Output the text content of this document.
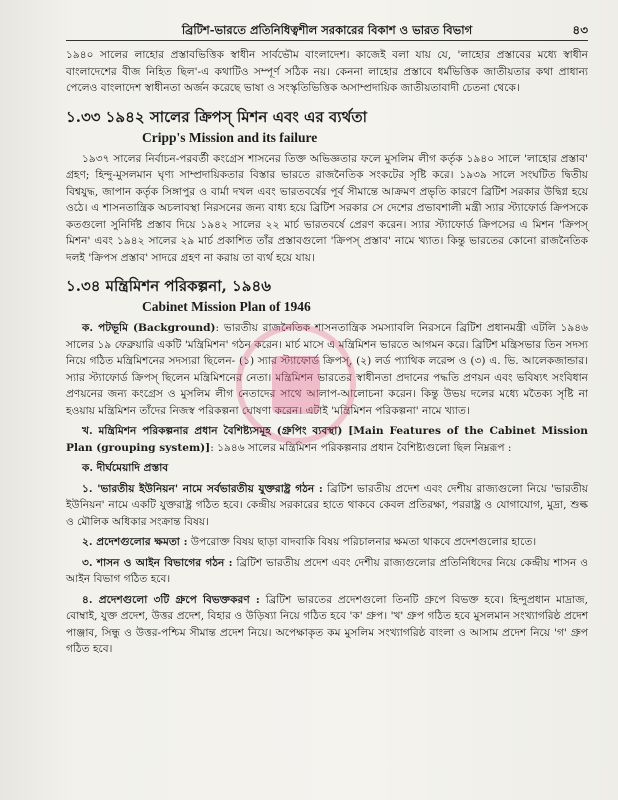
ব্রিটিশ-ভারতে প্রতিনিধিত্বশীল সরকারের বিকাশ ও ভারত বিভাগ	৪৩

১৯৪০ সালের লাহোর প্রস্তাবভিত্তিক স্বাধীন সার্বভৌম বাংলাদেশ। কাজেই বলা যায় যে, 'লাহোর প্রস্তাবের মধ্যে স্বাধীন বাংলাদেশের বীজ নিহিত ছিল'-এ কথাটিও সম্পূর্ণ সঠিক নয়। কেননা লাহোর প্রস্তাবে ধর্মভিত্তিক জাতীয়তার কথা প্রাধান্য পেলেও বাংলাদেশ স্বাধীনতা অর্জন করেছে ভাষা ও সংস্কৃতিভিত্তিক অসাম্প্রদায়িক জাতীয়তাবাদী চেতনা থেকে।

১.৩৩ ১৯৪২ সালের ক্রিপস্ মিশন এবং এর ব্যর্থতা
Cripp's Mission and its failure

১৯৩৭ সালের নির্বাচন-পরবর্তী কংগ্রেস শাসনের তিক্ত অভিজ্ঞতার ফলে মুসলিম লীগ কর্তৃক ১৯৪০ সালে 'লাহোর প্রস্তাব' গ্রহণ; হিন্দু-মুসলমান ঘৃণ্য সাম্প্রদায়িকতার বিস্তার ভারতে রাজনৈতিক সংকটের সৃষ্টি করে। ১৯৩৯ সালে সংঘটিত দ্বিতীয় বিশ্বযুদ্ধ, জাপান কর্তৃক সিঙ্গাপুর ও বার্মা দখল এবং ভারতবর্ষের পূর্ব সীমান্তে আক্রমণ প্রভৃতি কারণে ব্রিটিশ সরকার উদ্বিগ্ন হয়ে ওঠে। এ শাসনতান্ত্রিক অচলাবস্থা নিরসনের জন্য বাধ্য হয়ে ব্রিটিশ সরকার সে দেশের প্রভাবশালী মন্ত্রী স্যার স্ট্যাফোর্ড ক্রিপসকে কতগুলো সুনির্দিষ্ট প্রস্তাব দিয়ে ১৯৪২ সালের ২২ মার্চ ভারতবর্ষে প্রেরণ করেন। স্যার স্ট্যাফোর্ড ক্রিপসের এ মিশন 'ক্রিপস্ মিশন' এবং ১৯৪২ সালের ২৯ মার্চ প্রকাশিত তাঁর প্রস্তাবগুলো 'ক্রিপস্ প্রস্তাব' নামে খ্যাত। কিন্তু ভারতের কোনো রাজনৈতিক দলই 'ক্রিপস প্রস্তাব' সাদরে গ্রহণ না করায় তা ব্যর্থ হয়ে যায়।

১.৩৪ মন্ত্রিমিশন পরিকল্পনা, ১৯৪৬
Cabinet Mission Plan of 1946

ক. পটভূমি (Background): ভারতীয় রাজনৈতিক শাসনতান্ত্রিক সমস্যাবলি নিরসনে ব্রিটিশ প্রধানমন্ত্রী এটলি ১৯৪৬ সালের ১৯ ফেব্রুয়ারি একটি 'মন্ত্রিমিশন' গঠন করেন। মার্চ মাসে এ মন্ত্রিমিশন ভারতে আগমন করে। ব্রিটিশ মন্ত্রিসভার তিন সদস্য নিয়ে গঠিত মন্ত্রিমিশনের সদস্যরা ছিলেন- (১) স্যার স্ট্যাফোর্ড ক্রিপস্, (২) লর্ড প্যাথিক লরেন্স ও (৩) এ. ভি. আলেকজান্ডার। স্যার স্ট্যাফোর্ড ক্রিপস্ ছিলেন মন্ত্রিমিশনের নেতা। মন্ত্রিমিশন ভারতের স্বাধীনতা প্রদানের পদ্ধতি প্রণয়ন এবং ভবিষ্যৎ সংবিধান প্রণয়নের জন্য কংগ্রেস ও মুসলিম লীগ নেতাদের সাথে আলাপ-আলোচনা করেন। কিন্তু উভয় দলের মধ্যে মতৈক্য সৃষ্টি না হওয়ায় মন্ত্রিমিশন তাঁদের নিজস্ব পরিকল্পনা ঘোষণা করেন। এটাই 'মন্ত্রিমিশন পরিকল্পনা' নামে খ্যাত।

খ. মন্ত্রিমিশন পরিকল্পনার প্রধান বৈশিষ্ট্যসমূহ (গ্রুপিং ব্যবস্থা) [Main Features of the Cabinet Mission Plan (grouping system)]: ১৯৪৬ সালের মন্ত্রিমিশন পরিকল্পনার প্রধান বৈশিষ্ট্যগুলো ছিল নিম্নরূপ :

ক. দীর্ঘমেয়াদি প্রস্তাব

১. 'ভারতীয় ইউনিয়ন' নামে সর্বভারতীয় যুক্তরাষ্ট্র গঠন : ব্রিটিশ ভারতীয় প্রদেশ এবং দেশীয় রাজ্যগুলো নিয়ে 'ভারতীয় ইউনিয়ন' নামে একটি যুক্তরাষ্ট্র গঠিত হবে। কেন্দ্রীয় সরকারের হাতে থাকবে কেবল প্রতিরক্ষা, পররাষ্ট্র ও যোগাযোগ, মুদ্রা, শুল্ক ও মৌলিক অধিকার সংক্রান্ত বিষয়।

২. প্রদেশগুলোর ক্ষমতা : উপরোক্ত বিষয় ছাড়া বাদবাকি বিষয় পরিচালনার ক্ষমতা থাকবে প্রদেশগুলোর হাতে।

৩. শাসন ও আইন বিভাগের গঠন : ব্রিটিশ ভারতীয় প্রদেশ এবং দেশীয় রাজ্যগুলোর প্রতিনিধিদের নিয়ে কেন্দ্রীয় শাসন ও আইন বিভাগ গঠিত হবে।

৪. প্রদেশগুলো ৩টি গ্রুপে বিভক্তকরণ : ব্রিটিশ ভারতের প্রদেশগুলো তিনটি গ্রুপে বিভক্ত হবে। হিন্দুপ্রধান মাদ্রাজ, বোম্বাই, যুক্ত প্রদেশ, উত্তর প্রদেশ, বিহার ও উড়িষ্যা নিয়ে গঠিত হবে 'ক' গ্রুপ। 'খ' গ্রুপ গঠিত হবে মুসলমান সংখ্যাগরিষ্ঠ প্রদেশ পাঞ্জাব, সিন্ধু ও উত্তর-পশ্চিম সীমান্ত প্রদেশ নিয়ে। অপেক্ষাকৃত কম মুসলিম সংখ্যাগরিষ্ঠ বাংলা ও আসাম প্রদেশ নিয়ে 'গ' গ্রুপ গঠিত হবে।
